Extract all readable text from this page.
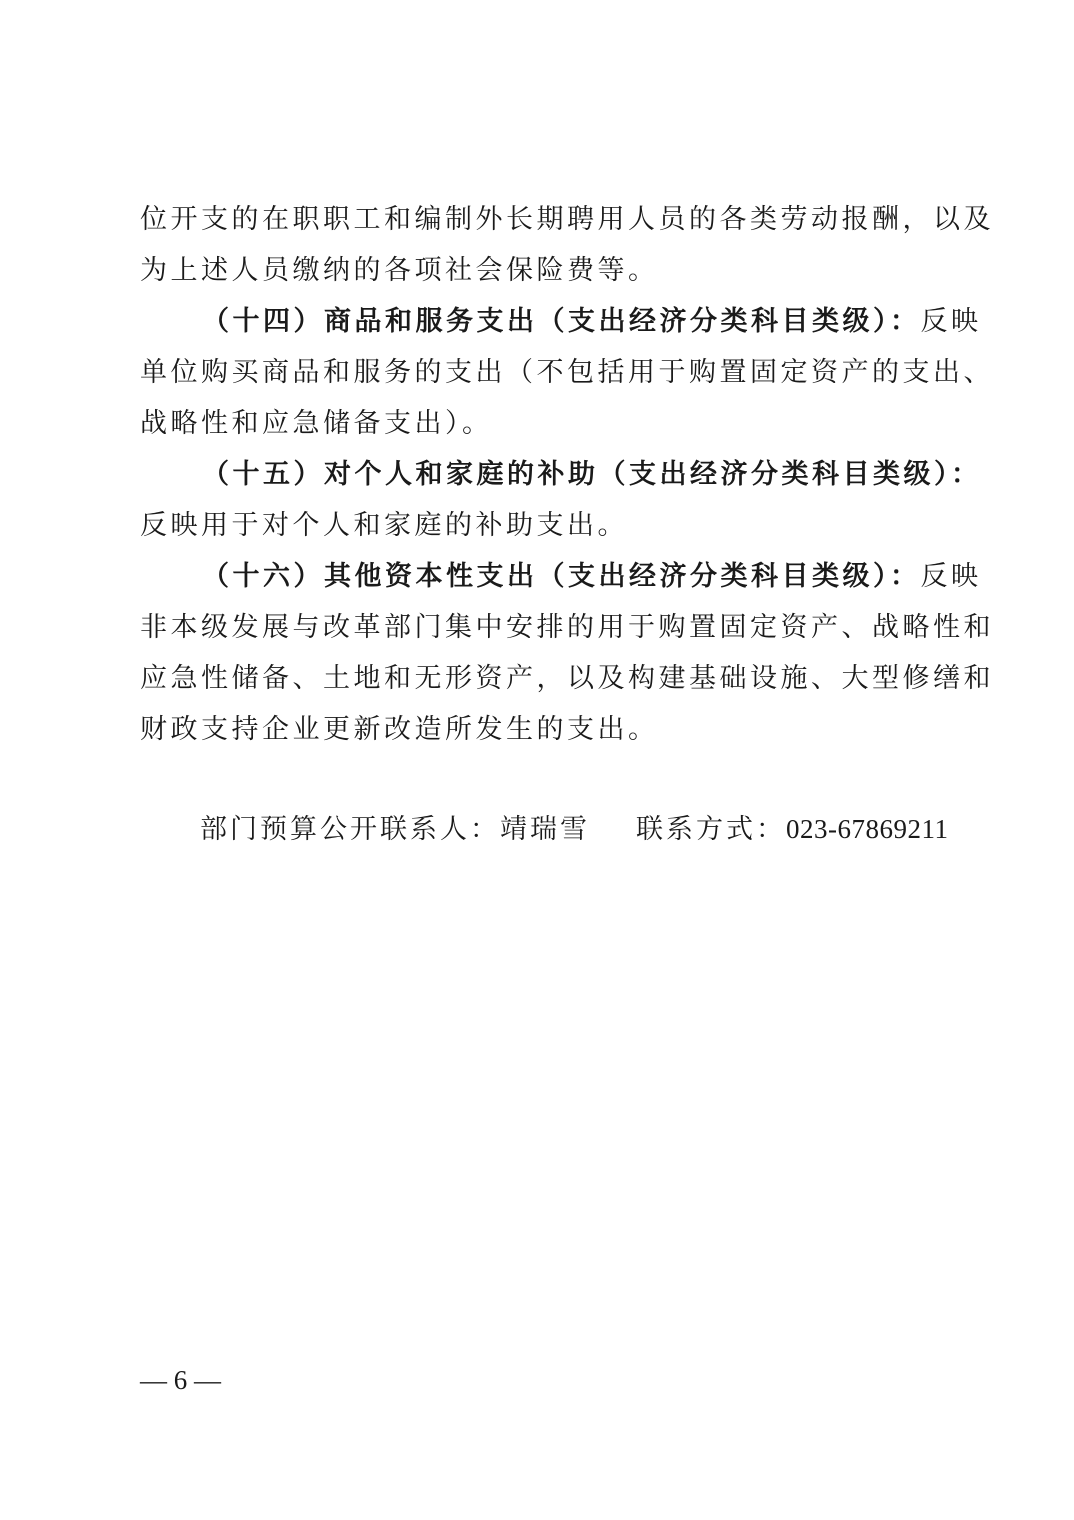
位开支的在职职工和编制外长期聘用人员的各类劳动报酬，以及
为上述人员缴纳的各项社会保险费等。
（十四）商品和服务支出（支出经济分类科目类级）：反映
单位购买商品和服务的支出（不包括用于购置固定资产的支出、
战略性和应急储备支出）。
（十五）对个人和家庭的补助（支出经济分类科目类级）：
反映用于对个人和家庭的补助支出。
（十六）其他资本性支出（支出经济分类科目类级）：反映
非本级发展与改革部门集中安排的用于购置固定资产、战略性和
应急性储备、土地和无形资产，以及构建基础设施、大型修缮和
财政支持企业更新改造所发生的支出。
部门预算公开联系人：靖瑞雪 联系方式：023-67869211
— 6 —
